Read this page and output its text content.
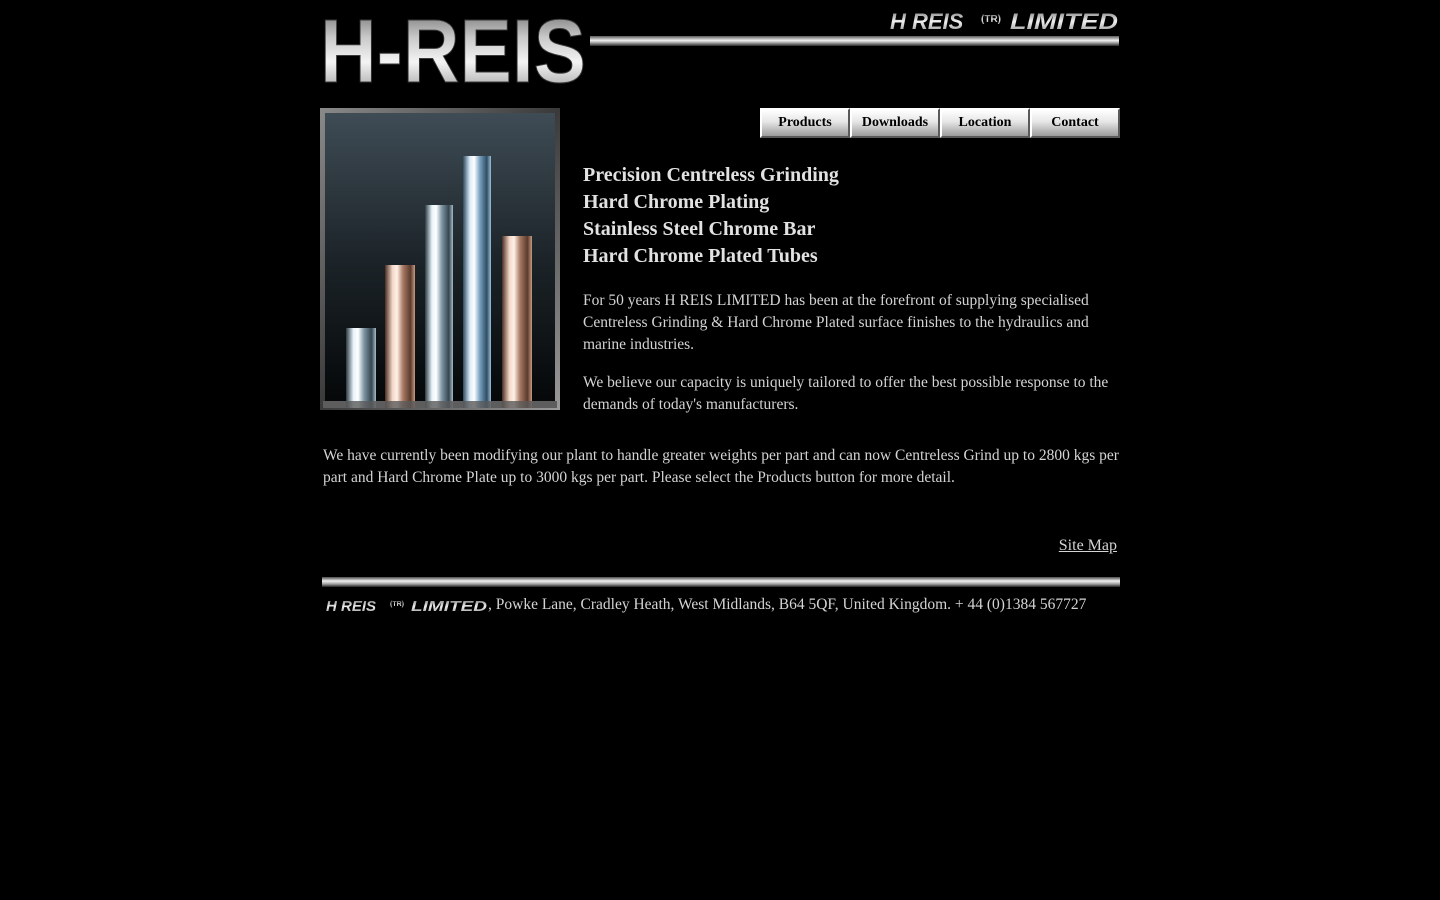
H-REIS	H REIS (TR) LIMITED
Products	Downloads	Location	Contact
Precision Centreless Grinding
Hard Chrome Plating
Stainless Steel Chrome Bar
Hard Chrome Plated Tubes

For 50 years H REIS LIMITED has been at the forefront of supplying specialised Centreless Grinding & Hard Chrome Plated surface finishes to the hydraulics and marine industries.

We believe our capacity is uniquely tailored to offer the best possible response to the demands of today's manufacturers.

We have currently been modifying our plant to handle greater weights per part and can now Centreless Grind up to 2800 kgs per part and Hard Chrome Plate up to 3000 kgs per part. Please select the Products button for more detail.

Site Map
H REIS (TR) LIMITED , Powke Lane, Cradley Heath, West Midlands, B64 5QF, United Kingdom. + 44 (0)1384 567727
